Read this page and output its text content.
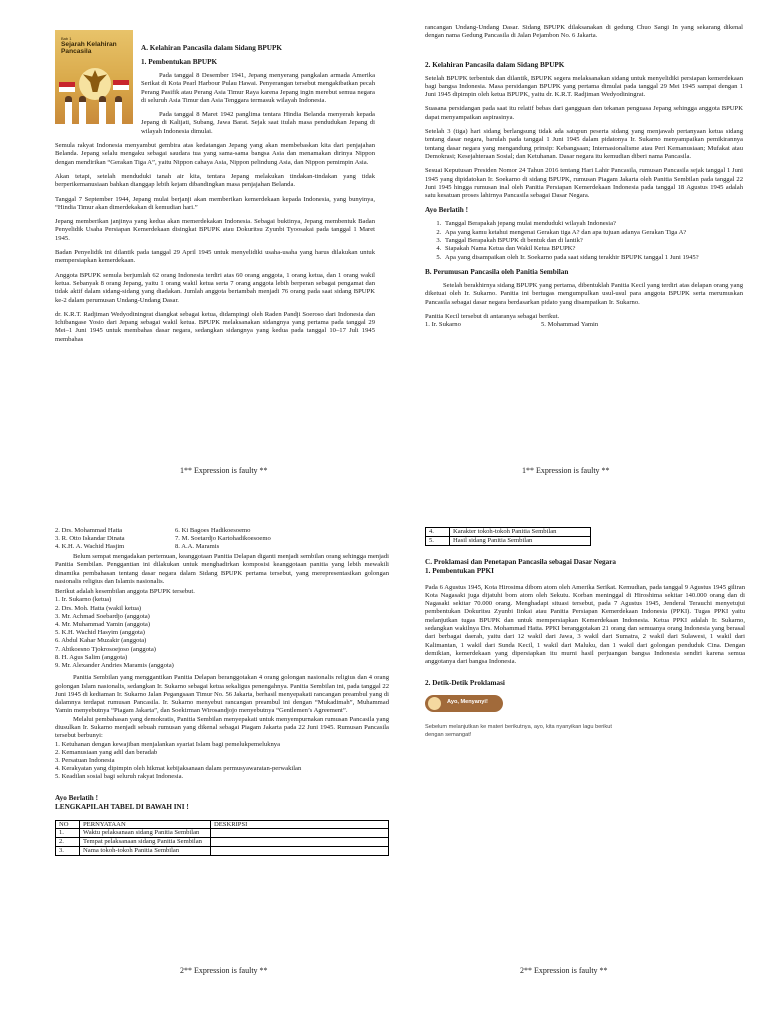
Bab 1
Sejarah Kelahiran Pancasila	A. Kelahiran Pancasila dalam Sidang BPUPK
1. Pembentukan BPUPK

Pada tanggal 8 Desember 1941, Jepang menyerang pangkalan armada Amerika Serikat di Kota Pearl Harbour Pulau Hawai. Penyerangan tersebut mengakibatkan pecah Perang Pasifik atau Perang Asia Timur Raya karena Jepang ingin merebut semua negara di seluruh Asia Timur dan Asia Tenggara termasuk wilayah Indonesia.

Pada tanggal 8 Maret 1942 panglima tentara Hindia Belanda menyerah kepada Jepang di Kalijati, Subang, Jawa Barat. Sejak saat itulah masa pendudukan Jepang di wilayah Indonesia dimulai.

Semula rakyat Indonesia menyambut gembira atas kedatangan Jepang yang akan membebaskan kita dari penjajahan Belanda. Jepang selalu mengaku sebagai saudara tua yang sama-sama bangsa Asia dan menamakan dirinya Nippon dengan mendirikan “Gerakan Tiga A”, yaitu Nippon cahaya Asia, Nippon pelindung Asia, dan Nippon pemimpin Asia.

Akan tetapi, setelah menduduki tanah air kita, tentara Jepang melakukan tindakan-tindakan yang tidak berperikemanusiaan bahkan dianggap lebih kejam dibandingkan masa penjajahan Belanda.

Tanggal 7 September 1944, Jepang mulai berjanji akan memberikan kemerdekaan kepada Indonesia, yang bunyinya, “Hindia Timur akan dimerdekakan di kemudian hari.”

Jepang memberikan janjinya yang kedua akan memerdekakan Indonesia. Sebagai buktinya, Jepang membentuk Badan Penyelidik Usaha Persiapan Kemerdekaan disingkat BPUPK atau Dokuritsu Zyunbi Tyoosakai pada tanggal 1 Maret 1945.

Badan Penyelidik ini dilantik pada tanggal 29 April 1945 untuk menyelidiki usaha-usaha yang harus dilakukan untuk mempersiapkan kemerdekaan.

Anggota BPUPK semula berjumlah 62 orang Indonesia terdiri atas 60 orang anggota, 1 orang ketua, dan 1 orang wakil ketua. Sebanyak 8 orang Jepang, yaitu 1 orang wakil ketua serta 7 orang anggota lebih berperan sebagai pengamat dan tidak aktif dalam sidang-sidang yang diadakan. Jumlah anggota bertambah menjadi 76 orang pada saat sidang BPUPK ke-2 dalam perumusan Undang-Undang Dasar.

dr. K.R.T. Radjiman Wedyodiningrat diangkat sebagai ketua, didampingi oleh Raden Pandji Soeroso dari Indonesia dan Ichibangase Yosio dari Jepang sebagai wakil ketua. BPUPK melaksanakan sidangnya yang pertama pada tanggal 29 Mei–1 Juni 1945 untuk membahas dasar negara, sedangkan sidangnya yang kedua pada tanggal 10–17 Juli 1945 membahas

1** Expression is faulty **

rancangan Undang-Undang Dasar. Sidang BPUPK dilaksanakan di gedung Chuo Sangi In yang sekarang dikenal dengan nama Gedung Pancasila di Jalan Pejambon No. 6 Jakarta.

2. Kelahiran Pancasila dalam Sidang BPUPK

Setelah BPUPK terbentuk dan dilantik, BPUPK segera melaksanakan sidang untuk menyelidiki persiapan kemerdekaan bagi bangsa Indonesia. Masa persidangan BPUPK yang pertama dimulai pada tanggal 29 Mei 1945 sampai dengan 1 Juni 1945 dipimpin oleh ketua BPUPK, yaitu dr. K.R.T. Radjiman Wedyodiningrat.

Suasana persidangan pada saat itu relatif bebas dari gangguan dan tekanan penguasa Jepang sehingga anggota BPUPK dapat menyampaikan aspirasinya.

Setelah 3 (tiga) hari sidang berlangsung tidak ada satupun peserta sidang yang menjawab pertanyaan ketua sidang tentang dasar negara, barulah pada tanggal 1 Juni 1945 dalam pidatonya Ir. Sukarno menyampaikan pemikirannya tentang dasar negara yang mengandung prinsip: Kebangsaan; Internasionalisme atau Peri Kemanusiaan; Mufakat atau Demokrasi; Kesejahteraan Sosial; dan Ketuhanan. Dasar negara itu kemudian diberi nama Pancasila.

Sesuai Keputusan Presiden Nomor 24 Tahun 2016 tentang Hari Lahir Pancasila, rumusan Pancasila sejak tanggal 1 Juni 1945 yang dipidatokan Ir. Soekarno di sidang BPUPK, rumusan Piagam Jakarta oleh Panitia Sembilan pada tanggal 22 Juni 1945 hingga rumusan inal oleh Panitia Persiapan Kemerdekaan Indonesia pada tanggal 18 Agustus 1945 adalah satu kesatuan proses lahirnya Pancasila sebagai Dasar Negara.

Ayo Berlatih !
1. Tanggal Berapakah jepang mulai menduduki wilayah Indonesia?
2. Apa yang kamu ketahui mengenai Gerakan tiga A? dan apa tujuan adanya Gerakan Tiga A?
3. Tanggal Berapakah BPUPK di bentuk dan di lantik?
4. Siapakah Nama Ketua dan Wakil Ketua BPUPK?
5. Apa yang disampaikan oleh Ir. Soekarno pada saat sidang terakhir BPUPK tanggal 1 Juni 1945?
B. Perumusan Pancasila oleh Panitia Sembilan

Setelah berakhirnya sidang BPUPK yang pertama, dibentuklah Panitia Kecil yang terdiri atas delapan orang yang diketuai oleh Ir. Sukarno. Panitia ini bertugas mengumpulkan usul-usul para anggota BPUPK serta merumuskan Pancasila sebagai dasar negara berdasarkan pidato yang disampaikan Ir. Sukarno.

Panitia Kecil tersebut di antaranya sebagai berikut.

1. Ir. Sukarno	5. Mohammad Yamin
1** Expression is faulty **
2. Drs. Mohammad Hatta	6. Ki Bagoes Hadikoesoemo
3. R. Otto Iskandar Dinata	7. M. Soetardjo Kartohadikoesoemo
4. K.H. A. Wachid Hasjim	8. A.A. Maramis

Belum sempat mengadakan pertemuan, keanggotaan Panitia Delapan diganti menjadi sembilan orang sehingga menjadi Panitia Sembilan. Penggantian ini dilakukan untuk menghadirkan komposisi keanggotaan panitia yang lebih mewakili dinamika pembahasan tentang dasar negara dalam Sidang BPUPK pertama tersebut, yang merepresentasikan golongan nasionalis religius dan Islamis nasionalis.

Berikut adalah kesembilan anggota BPUPK tersebut.
1. Ir. Sukarno (ketua)
2. Drs. Moh. Hatta (wakil ketua)
3. Mr. Achmad Soebardjo (anggota)
4. Mr. Muhammad Yamin (anggota)
5. K.H. Wachid Hasyim (anggota)
6. Abdul Kahar Muzakir (anggota)
7. Abikoesno Tjokrosoejoso (anggota)
8. H. Agus Salim (anggota)
9. Mr. Alexander Andries Maramis (anggota)

Panitia Sembilan yang menggantikan Panitia Delapan beranggotakan 4 orang golongan nasionalis religius dan 4 orang golongan Islam nasionalis, sedangkan Ir. Sukarno sebagai ketua sekaligus penengahnya. Panitia Sembilan ini, pada tanggal 22 Juni 1945 di kediaman Ir. Sukarno Jalan Pegangsaan Timur No. 56 Jakarta, berhasil menyepakati rancangan preambul yang di dalamnya terdapat rumusan Pancasila. Ir. Sukarno menyebut rancangan preambul ini dengan “Mukadimah”, Muhammad Yamin menyebutnya “Piagam Jakarta”, dan Soekirman Wirosandjojo menyebutnya “Gentlemen’s Agreement”.

Melalui pembahasan yang demokratis, Panitia Sembilan menyepakati untuk menyempurnakan rumusan Pancasila yang diusulkan Ir. Sukarno menjadi sebuah rumusan yang dikenal sebagai Piagam Jakarta pada 22 Juni 1945. Rumusan Pancasila tersebut berbunyi:

1. Ketuhanan dengan kewajiban menjalankan syariat Islam bagi pemelukpemeluknya
2. Kemanusiaan yang adil dan beradab
3. Persatuan Indonesia
4. Kerakyatan yang dipimpin oleh hikmat kebijaksanaan dalam permusyawaratan-perwakilan
5. Keadilan sosial bagi seluruh rakyat Indonesia.
Ayo Berlatih !
LENGKAPILAH TABEL DI BAWAH INI !
NO	PERNYATAAN	DESKRIPSI
1.	Waktu pelaksanaan sidang Panitia Sembilan	
2.	Tempat pelaksanaan sidang Panitia Sembilan	
3.	Nama tokoh-tokoh Panitia Sembilan	
2** Expression is faulty **
4.	Karakter tokoh-tokoh Panitia Sembilan
5.	Hasil sidang Panitia Sembilan
C. Proklamasi dan Penetapan Pancasila sebagai Dasar Negara
1. Pembentukan PPKI

Pada 6 Agustus 1945, Kota Hirosima dibom atom oleh Amerika Serikat. Kemudian, pada tanggal 9 Agustus 1945 giliran Kota Nagasaki juga dijatuhi bom atom oleh Sekutu. Korban meninggal di Hiroshima sekitar 140.000 orang dan di Nagasaki sekitar 70.000 orang. Menghadapi situasi tersebut, pada 7 Agustus 1945, Jenderal Terauchi menyetujui pembentukan Dokuritsu Zyunbi Iinkai atau Panitia Persiapan Kemerdekaan Indonesia (PPKI). Tugas PPKI yaitu melanjutkan tugas BPUPK dan untuk mempersiapkan Kemerdekaan Indonesia. Ketua PPKI adalah Ir. Sukarno, sedangkan wakilnya Drs. Mohammad Hatta. PPKI beranggotakan 21 orang dan semuanya orang Indonesia yang berasal dari berbagai daerah, yaitu dari 12 wakil dari Jawa, 3 wakil dari Sumatra, 2 wakil dari Sulawesi, 1 wakil dari Kalimantan, 1 wakil dari Sunda Kecil, 1 wakil dari Maluku, dan 1 wakil dari golongan penduduk Cina. Dengan demikian, kemerdekaan yang dipersiapkan itu murni hasil perjuangan bangsa Indonesia sendiri karena semua anggotanya dari bangsa Indonesia.

2. Detik-Detik Proklamasi
Ayo, Menyanyi!

Sebelum melanjutkan ke materi berikutnya, ayo, kita nyanyikan lagu berikut dengan semangat!

2** Expression is faulty **
